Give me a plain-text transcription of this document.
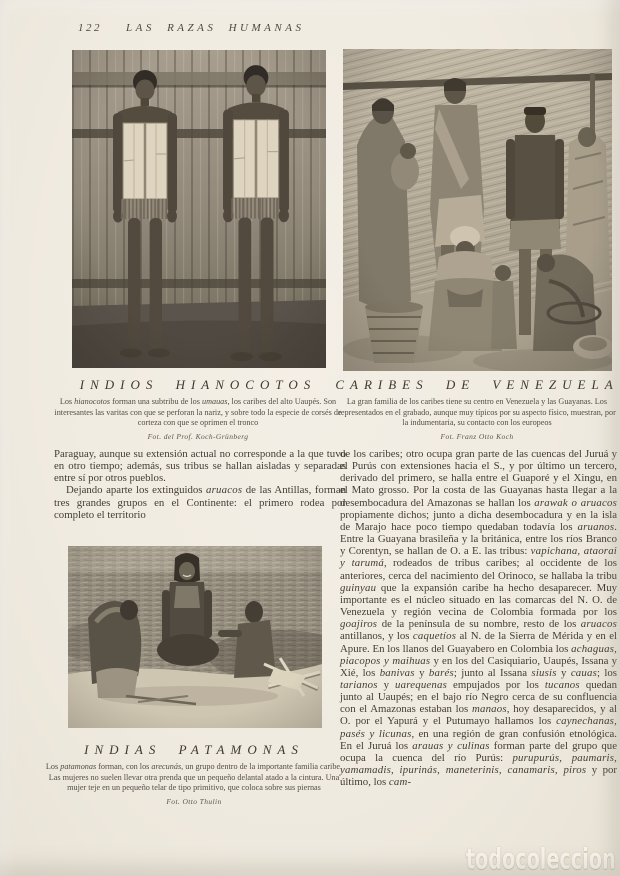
122 LAS RAZAS HUMANAS
INDIOS HIANOCOTOS
Los hianocotos forman una subtribu de los umauas, los caribes del alto Uaupés. Son interesantes las varitas con que se perforan la nariz, y sobre todo la especie de corsés de corteza con que se oprimen el tronco
Fot. del Prof. Koch-Grünberg
CARIBES DE VENEZUELA
La gran familia de los caribes tiene su centro en Venezuela y las Guayanas. Los representados en el grabado, aunque muy típicos por su aspecto físico, muestran, por la indumentaria, su contacto con los europeos
Fot. Franz Otto Koch

Paraguay, aunque su extensión actual no corresponde a la que tuvo en otro tiempo; además, sus tribus se hallan aisladas y separadas entre sí por otros pueblos.

Dejando aparte los extinguidos aruacos de las Antillas, forman tres grandes grupos en el Continente: el primero rodea por completo el territorio

de los caribes; otro ocupa gran parte de las cuencas del Juruá y el Purús con extensiones hacia el S., y por último un tercero, derivado del primero, se halla entre el Guaporé y el Xingu, en el Mato grosso. Por la costa de las Guayanas hasta llegar a la desembocadura del Amazonas se hallan los arawak o aruacos propiamente dichos; junto a dicha desembocadura y en la isla de Marajo hace poco tiempo quedaban todavía los aruanos. Entre la Guayana brasileña y la británica, entre los ríos Branco y Corentyn, se hallan de O. a E. las tribus: vapichana, ataorai y tarumá, rodeados de tribus caribes; al occidente de los anteriores, cerca del nacimiento del Orinoco, se hallaba la tribu guinyau que la expansión caribe ha hecho desaparecer. Muy importante es el núcleo situado en las comarcas del N. O. de Venezuela y región vecina de Colombia formada por los goajiros de la península de su nombre, resto de los aruacos antillanos, y los caquetíos al N. de la Sierra de Mérida y en el Apure. En los llanos del Guayabero en Colombia los achaguas, piacopos y maihuas y en los del Casiquiario, Uaupés, Issana y Xié, los banivas y barés; junto al Issana siusis y cauas; los tarianos y uarequenas empujados por los tucanos quedan junto al Uaupés; en el bajo río Negro cerca de su confluencia con el Amazonas estaban los manaos, hoy desaparecidos, y al O. por el Yapurá y el Putumayo hallamos los caynechanas, pasés y licunas, en una región de gran confusión etnológica. En el Juruá los arauas y culinas forman parte del grupo que ocupa la cuenca del río Purús: purupurús, paumaris, yamamadis, ipurinás, maneterinis, canamaris, piros y por último, los cam-

INDIAS PATAMONAS
Los patamonas forman, con los arecunás, un grupo dentro de la importante familia caribe. Las mujeres no suelen llevar otra prenda que un pequeño delantal atado a la cintura. Una mujer teje en un pequeño telar de tipo primitivo, que coloca sobre sus piernas
Fot. Otto Thulin
todocoleccion
